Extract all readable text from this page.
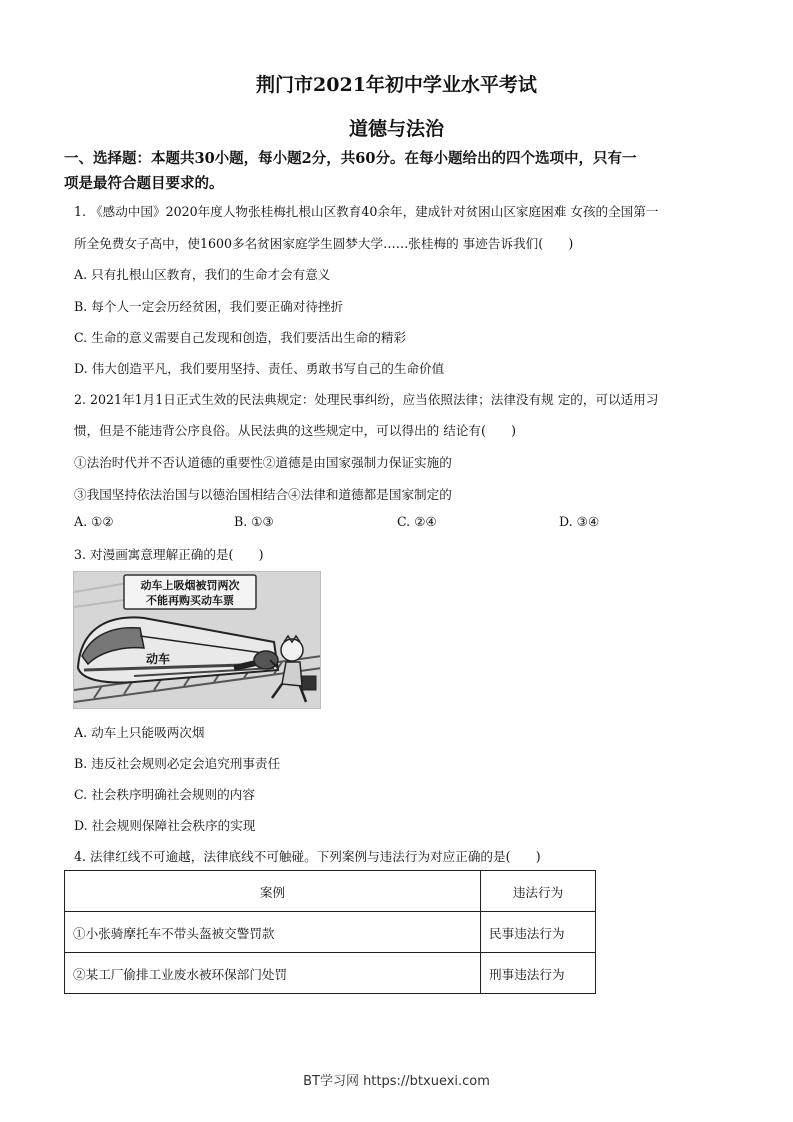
荆门市2021年初中学业水平考试
道德与法治
一、选择题：本题共30小题，每小题2分，共60分。在每小题给出的四个选项中，只有一
项是最符合题目要求的。
1. 《感动中国》2020年度人物张桂梅扎根山区教育40余年，建成针对贫困山区家庭困难 女孩的全国第一
所全免费女子高中，使1600多名贫困家庭学生圆梦大学……张桂梅的 事迹告诉我们(　　)
A. 只有扎根山区教育，我们的生命才会有意义
B. 每个人一定会历经贫困，我们要正确对待挫折
C. 生命的意义需要自己发现和创造，我们要活出生命的精彩
D. 伟大创造平凡，我们要用坚持、责任、勇敢书写自己的生命价值
2. 2021年1月1日正式生效的民法典规定：处理民事纠纷，应当依照法律；法律没有规 定的，可以适用习
惯，但是不能违背公序良俗。从民法典的这些规定中，可以得出的 结论有(　　)
①法治时代并不否认道德的重要性②道德是由国家强制力保证实施的
③我国坚持依法治国与以德治国相结合④法律和道德都是国家制定的
A. ①②	B. ①③	C. ②④	D. ③④
3. 对漫画寓意理解正确的是(　　)
动车上吸烟被罚两次
不能再购买动车票
动车
A. 动车上只能吸两次烟
B. 违反社会规则必定会追究刑事责任
C. 社会秩序明确社会规则的内容
D. 社会规则保障社会秩序的实现
4. 法律红线不可逾越，法律底线不可触碰。下列案例与违法行为对应正确的是(　　)
案例	违法行为
①小张骑摩托车不带头盔被交警罚款	民事违法行为
②某工厂偷排工业废水被环保部门处罚	刑事违法行为
BT学习网 https://btxuexi.com
